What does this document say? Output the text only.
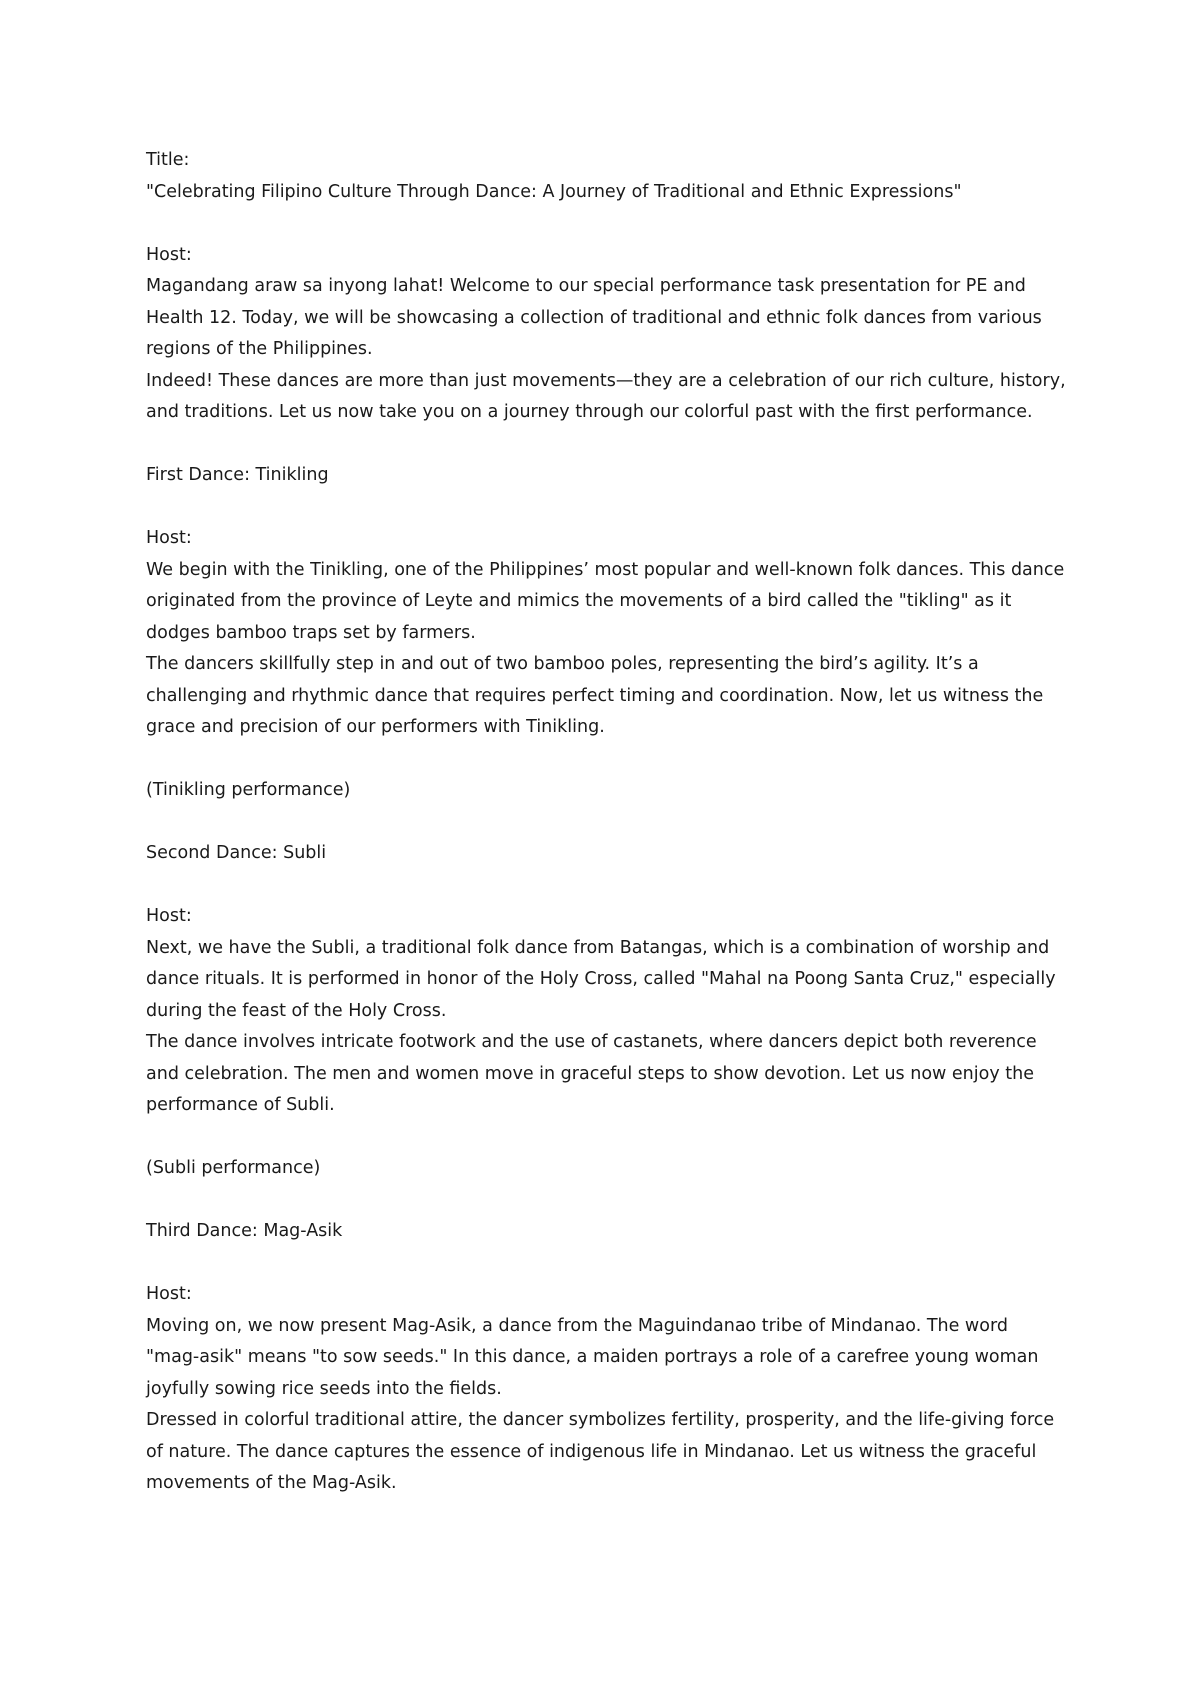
Title:

"Celebrating Filipino Culture Through Dance: A Journey of Traditional and Ethnic Expressions"

Host:

Magandang araw sa inyong lahat! Welcome to our special performance task presentation for PE and Health 12. Today, we will be showcasing a collection of traditional and ethnic folk dances from various regions of the Philippines.

Indeed! These dances are more than just movements—they are a celebration of our rich culture, history, and traditions. Let us now take you on a journey through our colorful past with the first performance.

First Dance: Tinikling

Host:

We begin with the Tinikling, one of the Philippines’ most popular and well-known folk dances. This dance originated from the province of Leyte and mimics the movements of a bird called the "tikling" as it dodges bamboo traps set by farmers.

The dancers skillfully step in and out of two bamboo poles, representing the bird’s agility. It’s a challenging and rhythmic dance that requires perfect timing and coordination. Now, let us witness the grace and precision of our performers with Tinikling.

(Tinikling performance)

Second Dance: Subli

Host:

Next, we have the Subli, a traditional folk dance from Batangas, which is a combination of worship and dance rituals. It is performed in honor of the Holy Cross, called "Mahal na Poong Santa Cruz," especially during the feast of the Holy Cross.

The dance involves intricate footwork and the use of castanets, where dancers depict both reverence and celebration. The men and women move in graceful steps to show devotion. Let us now enjoy the performance of Subli.

(Subli performance)

Third Dance: Mag-Asik

Host:

Moving on, we now present Mag-Asik, a dance from the Maguindanao tribe of Mindanao. The word "mag-asik" means "to sow seeds." In this dance, a maiden portrays a role of a carefree young woman joyfully sowing rice seeds into the fields.

Dressed in colorful traditional attire, the dancer symbolizes fertility, prosperity, and the life-giving force of nature. The dance captures the essence of indigenous life in Mindanao. Let us witness the graceful movements of the Mag-Asik.
